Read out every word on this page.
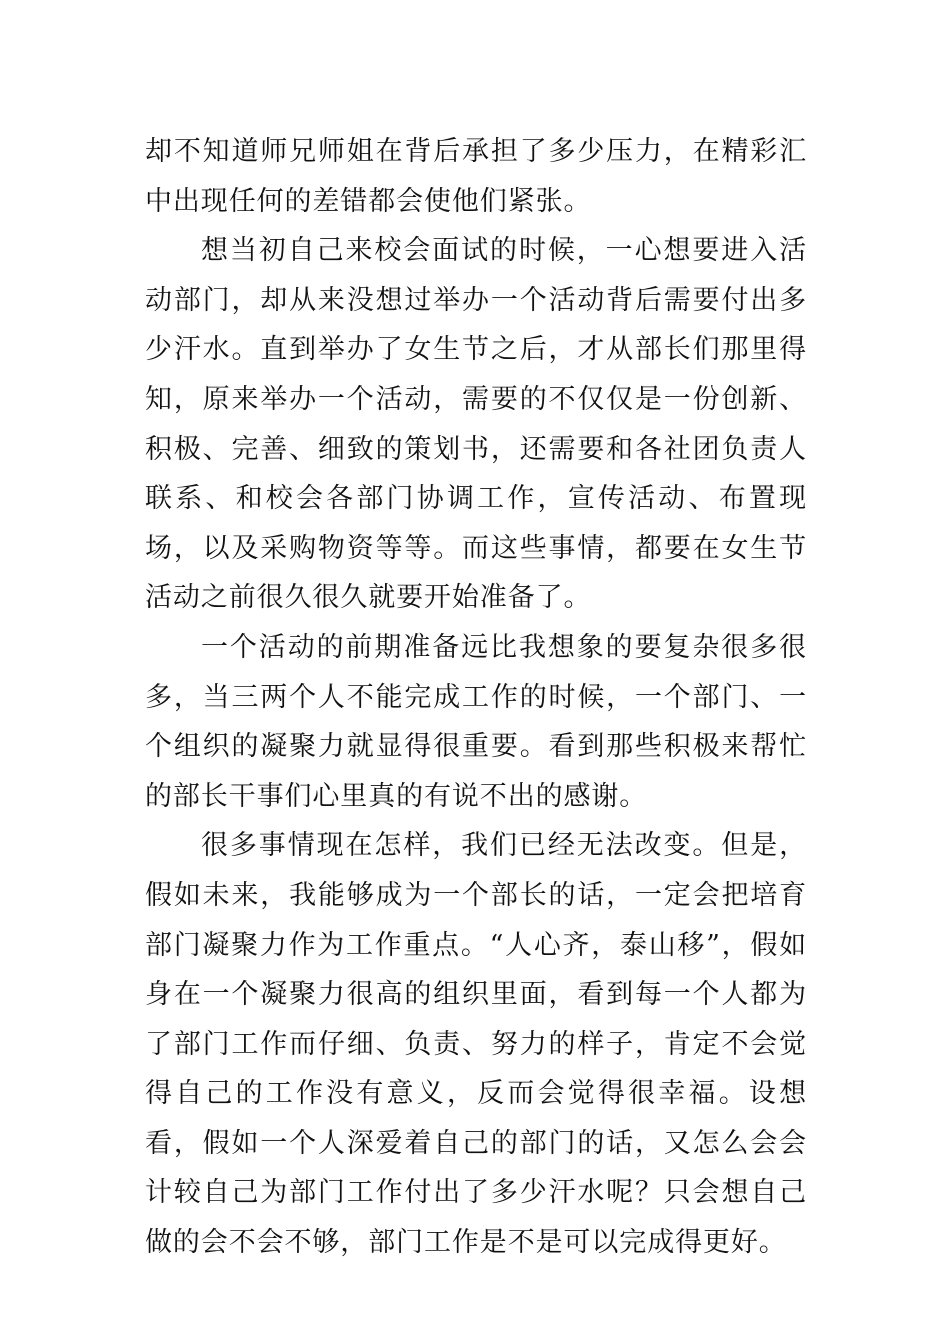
却不知道师兄师姐在背后承担了多少压力，在精彩汇中出现任何的差错都会使他们紧张。

想当初自己来校会面试的时候，一心想要进入活动部门，却从来没想过举办一个活动背后需要付出多少汗水。直到举办了女生节之后，才从部长们那里得知，原来举办一个活动，需要的不仅仅是一份创新、积极、完善、细致的策划书，还需要和各社团负责人联系、和校会各部门协调工作，宣传活动、布置现场，以及采购物资等等。而这些事情，都要在女生节活动之前很久很久就要开始准备了。

一个活动的前期准备远比我想象的要复杂很多很多，当三两个人不能完成工作的时候，一个部门、一个组织的凝聚力就显得很重要。看到那些积极来帮忙的部长干事们心里真的有说不出的感谢。

很多事情现在怎样，我们已经无法改变。但是，假如未来，我能够成为一个部长的话，一定会把培育部门凝聚力作为工作重点。“人心齐，泰山移”，假如身在一个凝聚力很高的组织里面，看到每一个人都为了部门工作而仔细、负责、努力的样子，肯定不会觉得自己的工作没有意义，反而会觉得很幸福。设想看，假如一个人深爱着自己的部门的话，又怎么会会计较自己为部门工作付出了多少汗水呢？只会想自己做的会不会不够，部门工作是不是可以完成得更好。
